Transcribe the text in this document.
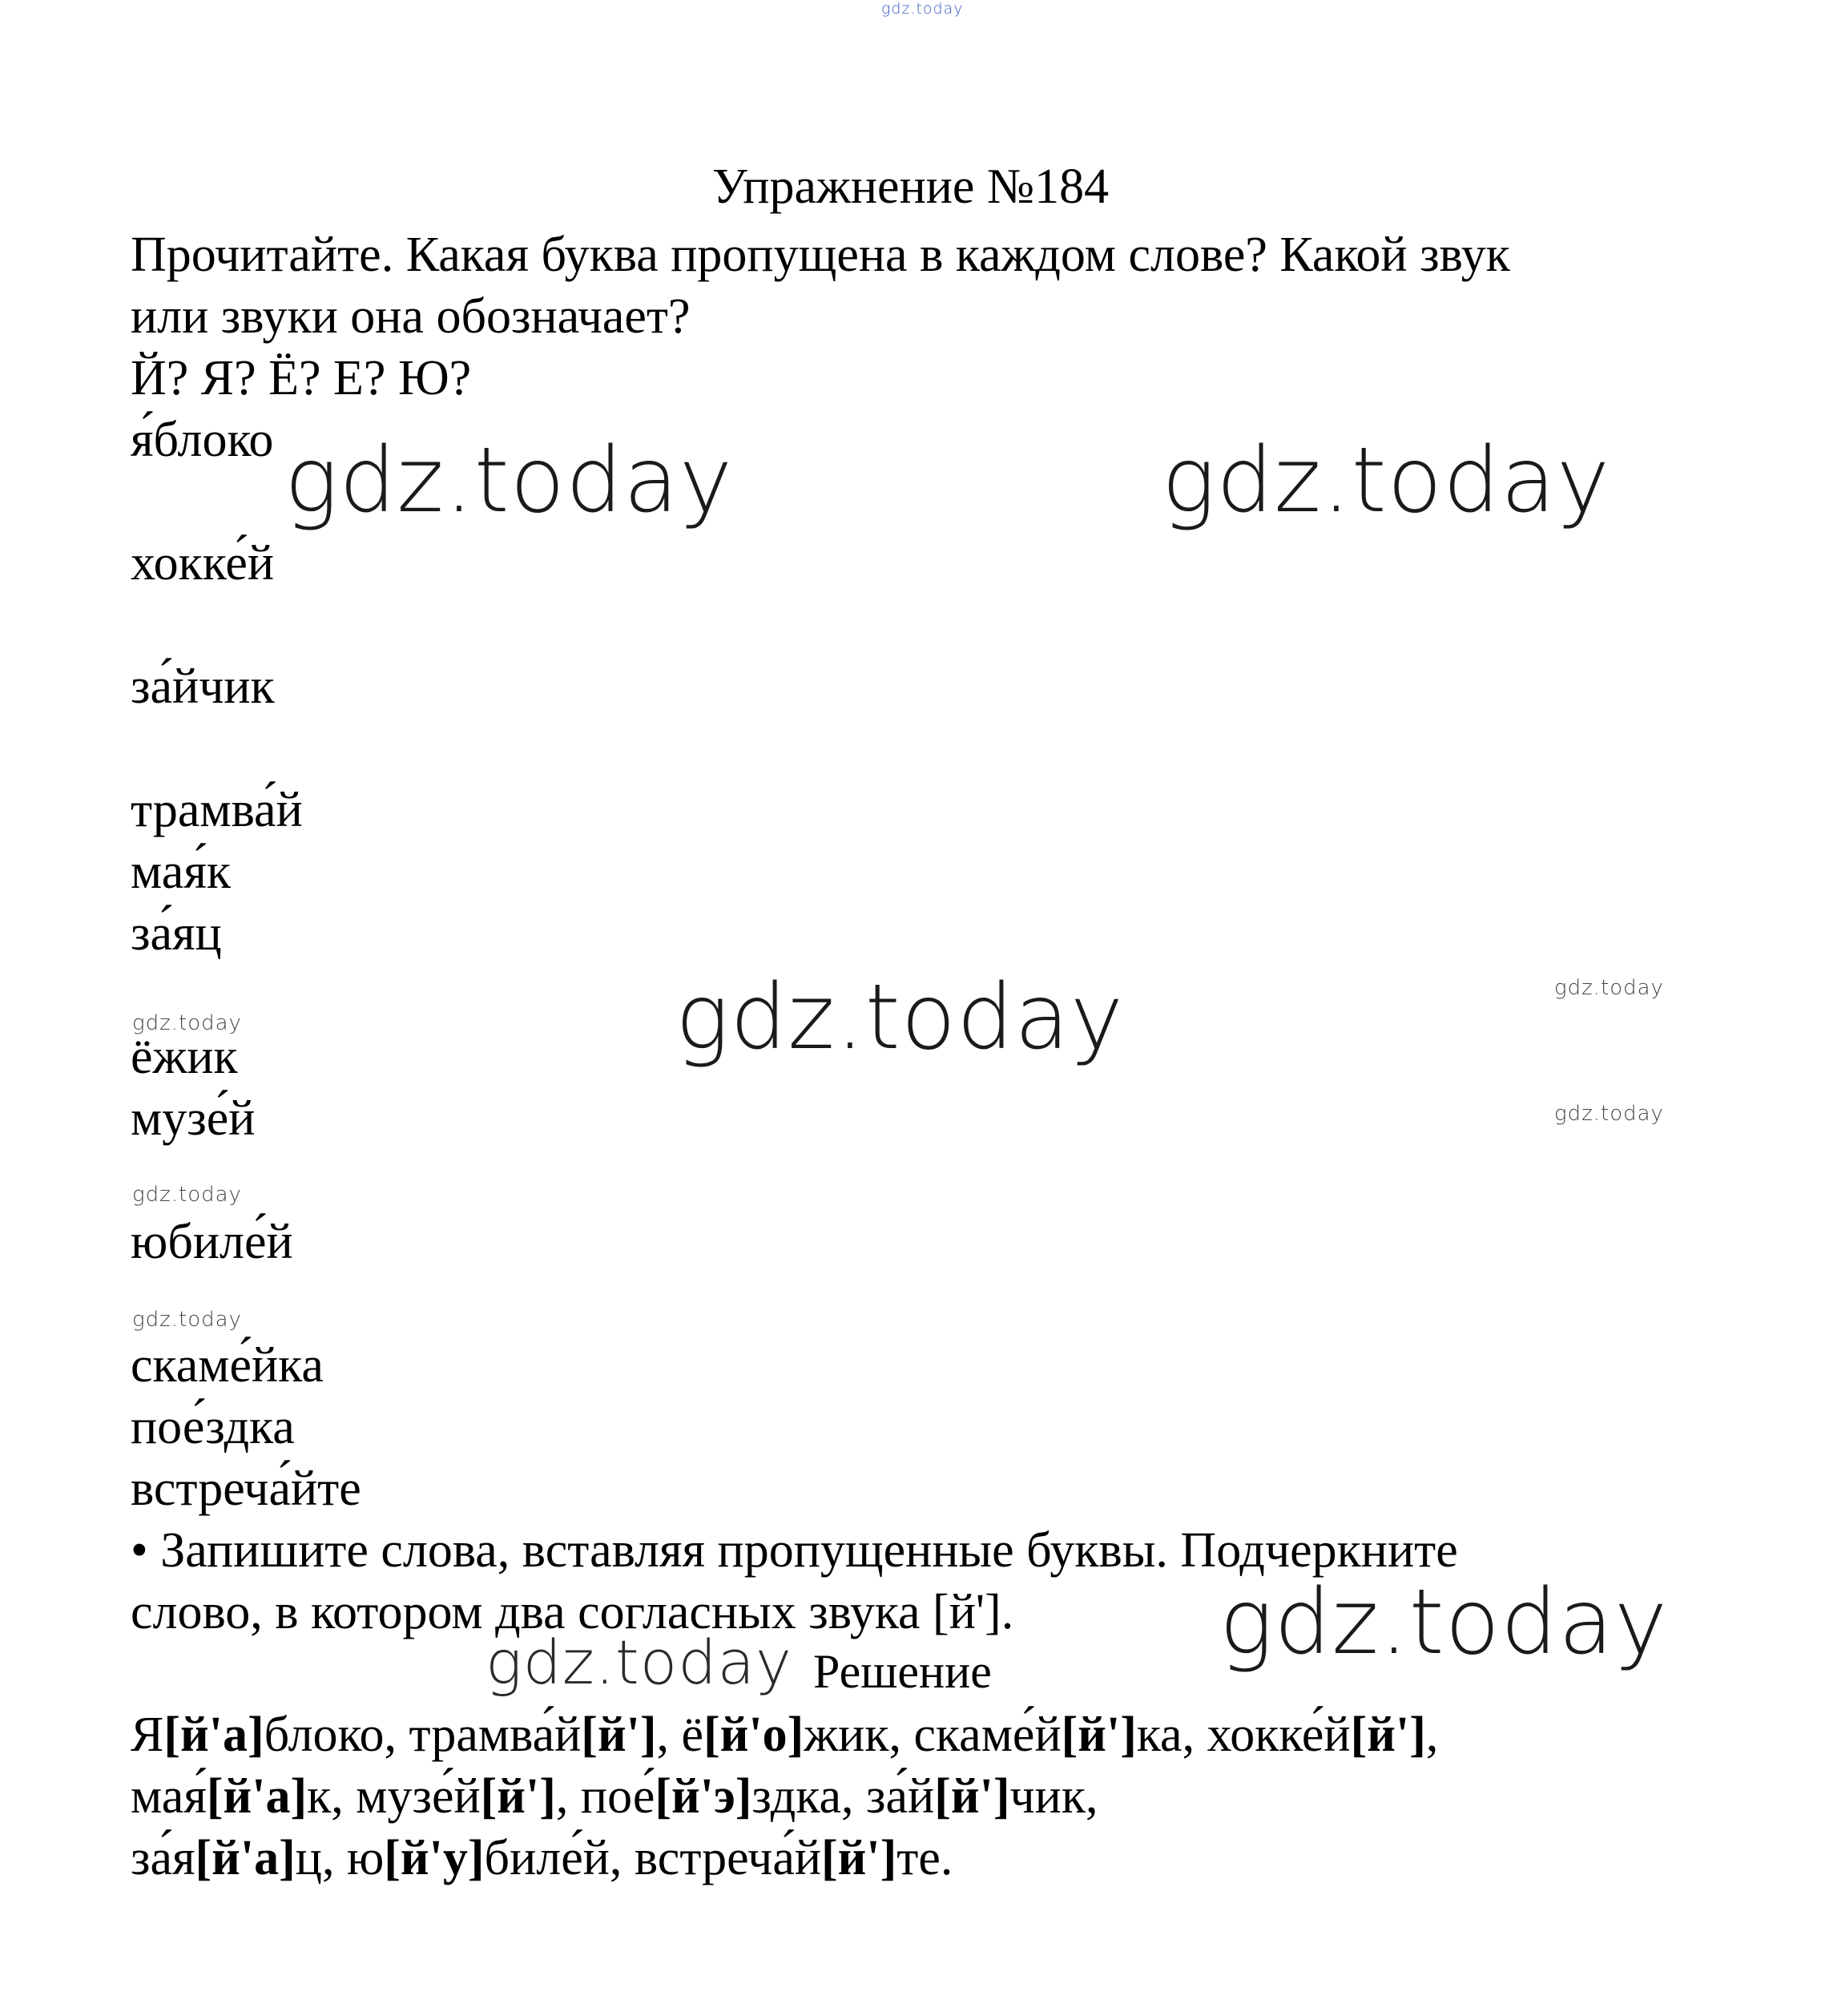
gdz.today
Упражнение №184
Прочитайте. Какая буква пропущена в каждом слове? Какой звук
или звуки она обозначает?
Й? Я? Ё? Е? Ю?
я́блоко
хокке́й
за́йчик
трамва́й
мая́к
за́яц
ёжик
музе́й
юбиле́й
скаме́йка
пое́здка
встреча́йте
• Запишите слова, вставляя пропущенные буквы. Подчеркните
слово, в котором два согласных звука [й'].
Решение
Я[й'а]блоко, трамва́й[й'], ё[й'о]жик, скаме́й[й']ка, хокке́й[й'],
мая́[й'а]к, музе́й[й'], пое́[й'э]здка, за́й[й']чик,
за́я[й'а]ц, ю[й'у]биле́й, встреча́й[й']те.
gdz.today	gdz.today
gdz.today
gdz.today
gdz.today
gdz.today
gdz.today
gdz.today
gdz.today
gdz.today
